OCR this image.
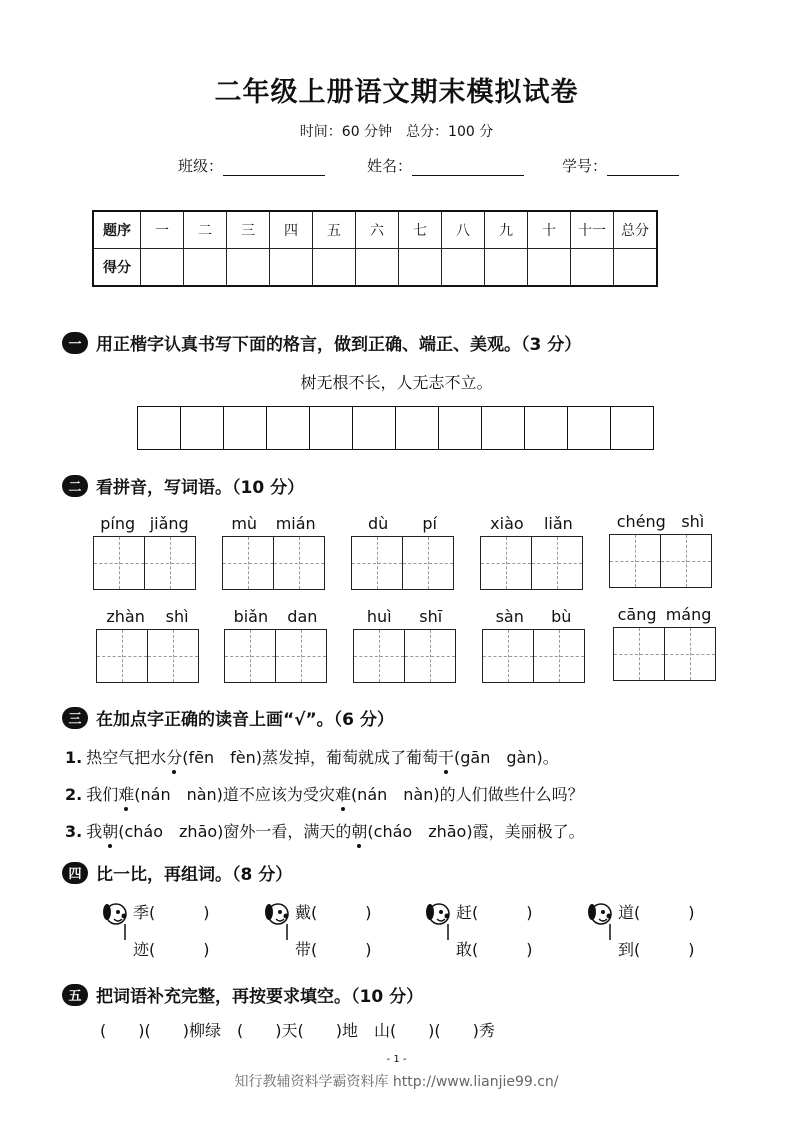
二年级上册语文期末模拟试卷
时间：60 分钟　总分：100 分
班级：	姓名：	学号：
题序	一	二	三	四	五	六	七	八	九	十	十一	总分
得分												
一 用正楷字认真书写下面的格言，做到正确、端正、美观。（3 分）
树无根不长，人无志不立。
二 看拼音，写词语。（10 分）
píng jiǎng	mù mián	dù pí	xiào liǎn	chéng shì
zhàn shì	biǎn dan	huì shī	sàn bù	cāng máng
三 在加点字正确的读音上画“√”。（6 分）
1. 热空气把水分(fēn　fèn)蒸发掉，葡萄就成了葡萄干(gān　gàn)。
2. 我们难(nán　nàn)道不应该为受灾难(nán　nàn)的人们做些什么吗？
3. 我朝(cháo　zhāo)窗外一看，满天的朝(cháo　zhāo)霞，美丽极了。
四 比一比，再组词。（8 分）
季(　　　)
迹(　　　)
戴(　　　)
带(　　　)
赶(　　　)
敢(　　　)
道(　　　)
到(　　　)
五 把词语补充完整，再按要求填空。（10 分）
(　　)(　　)柳绿　(　　)天(　　)地　山(　　)(　　)秀
- 1 -
知行教辅资料学霸资料库 http://www.lianjie99.cn/
